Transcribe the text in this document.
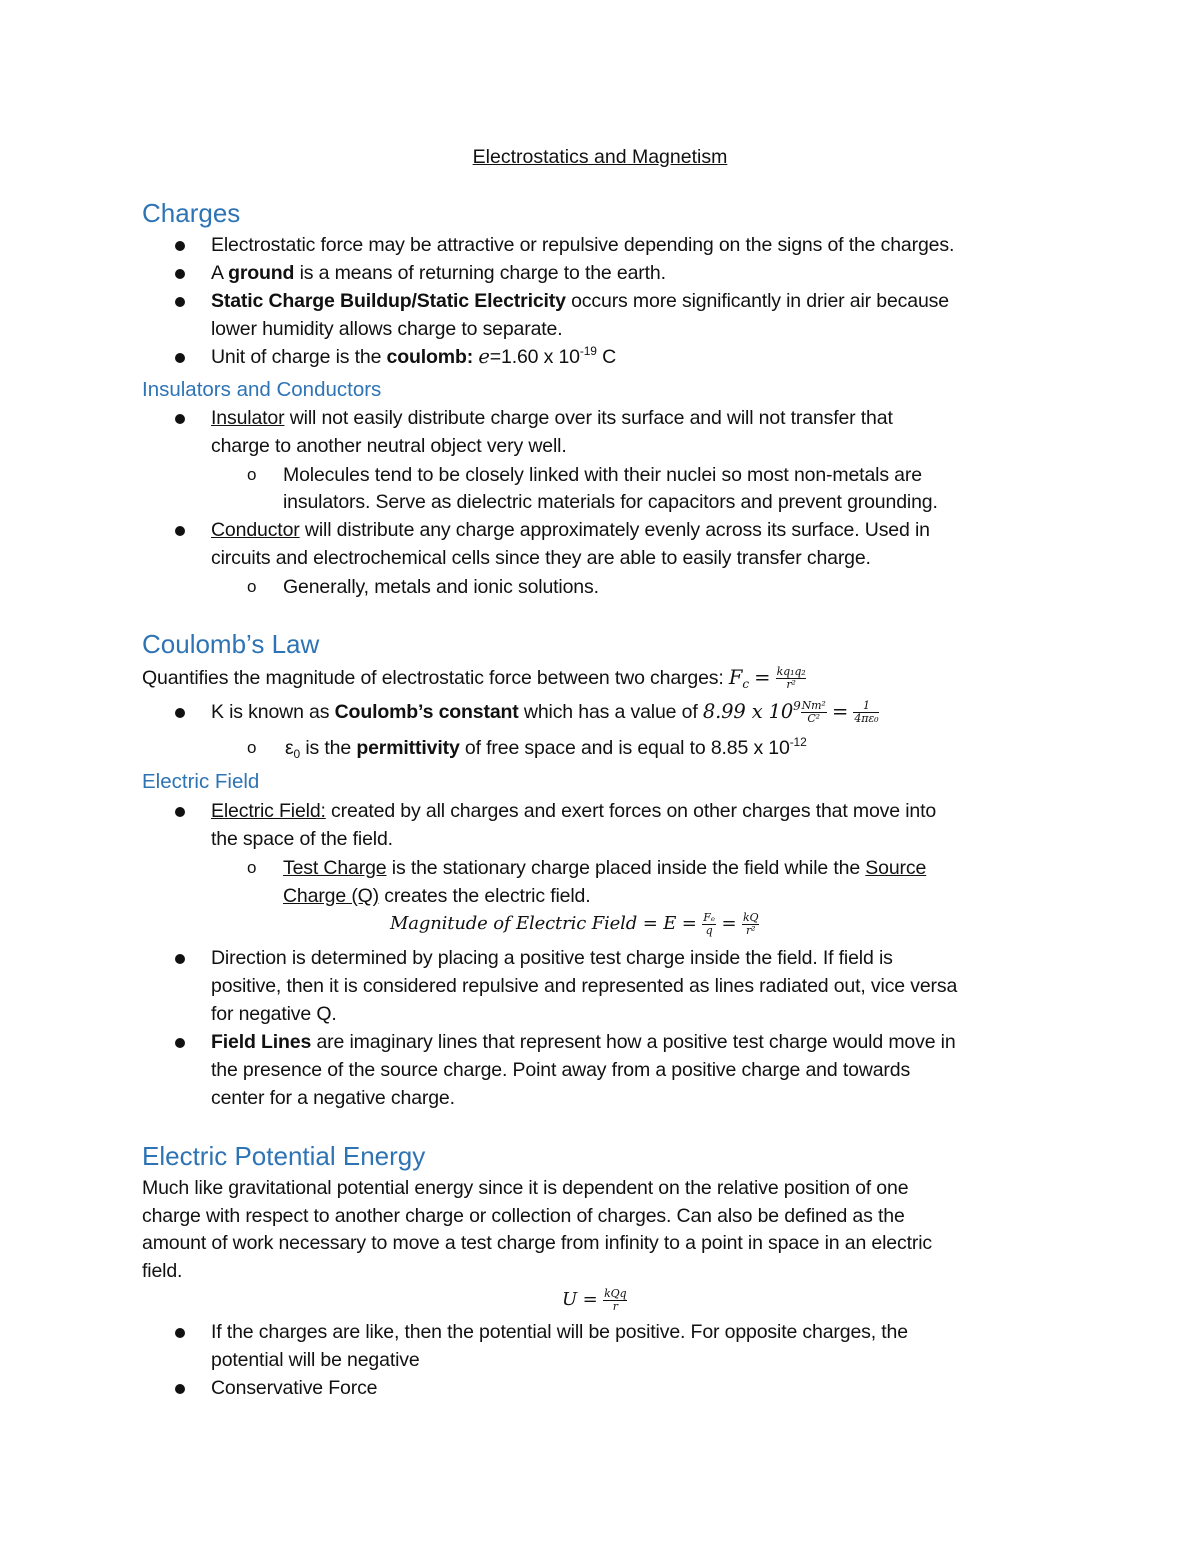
Electrostatics and Magnetism
Charges
Electrostatic force may be attractive or repulsive depending on the signs of the charges.
A ground is a means of returning charge to the earth.
Static Charge Buildup/Static Electricity occurs more significantly in drier air because
lower humidity allows charge to separate.
Unit of charge is the coulomb: e=1.60 x $10^{-19}$ C
Insulators and Conductors
Insulator will not easily distribute charge over its surface and will not transfer that
charge to another neutral object very well.
o Molecules tend to be closely linked with their nuclei so most non-metals are
insulators. Serve as dielectric materials for capacitors and prevent grounding.
Conductor will distribute any charge approximately evenly across its surface. Used in
circuits and electrochemical cells since they are able to easily transfer charge.
o Generally, metals and ionic solutions.
Coulomb’s Law
Quantifies the magnitude of electrostatic force between two charges: $F_c = \frac{\text{kq₁q₂}}{\text{r²}}$
K is known as Coulomb’s constant which has a value of 8.99 x $10^9 \frac{\text{Nm²}}{\text{C²}} = \frac{1}{\text{4πε₀}}$
o $\varepsilon_0$ is the permittivity of free space and is equal to 8.85 x $10^{-12}$
Electric Field
Electric Field: created by all charges and exert forces on other charges that move into
the space of the field.
o Test Charge is the stationary charge placed inside the field while the Source
Charge (Q) creates the electric field.
Magnitude of Electric Field = $E = \frac{\text{Fₑ}}{q} = \frac{kQ}{\text{r²}}$
Direction is determined by placing a positive test charge inside the field. If field is
positive, then it is considered repulsive and represented as lines radiated out, vice versa
for negative Q.
Field Lines are imaginary lines that represent how a positive test charge would move in
the presence of the source charge. Point away from a positive charge and towards
center for a negative charge.
Electric Potential Energy
Much like gravitational potential energy since it is dependent on the relative position of one
charge with respect to another charge or collection of charges. Can also be defined as the
amount of work necessary to move a test charge from infinity to a point in space in an electric
field.
$U = \frac{\text{kQq}}{r}$
If the charges are like, then the potential will be positive. For opposite charges, the
potential will be negative
Conservative Force
